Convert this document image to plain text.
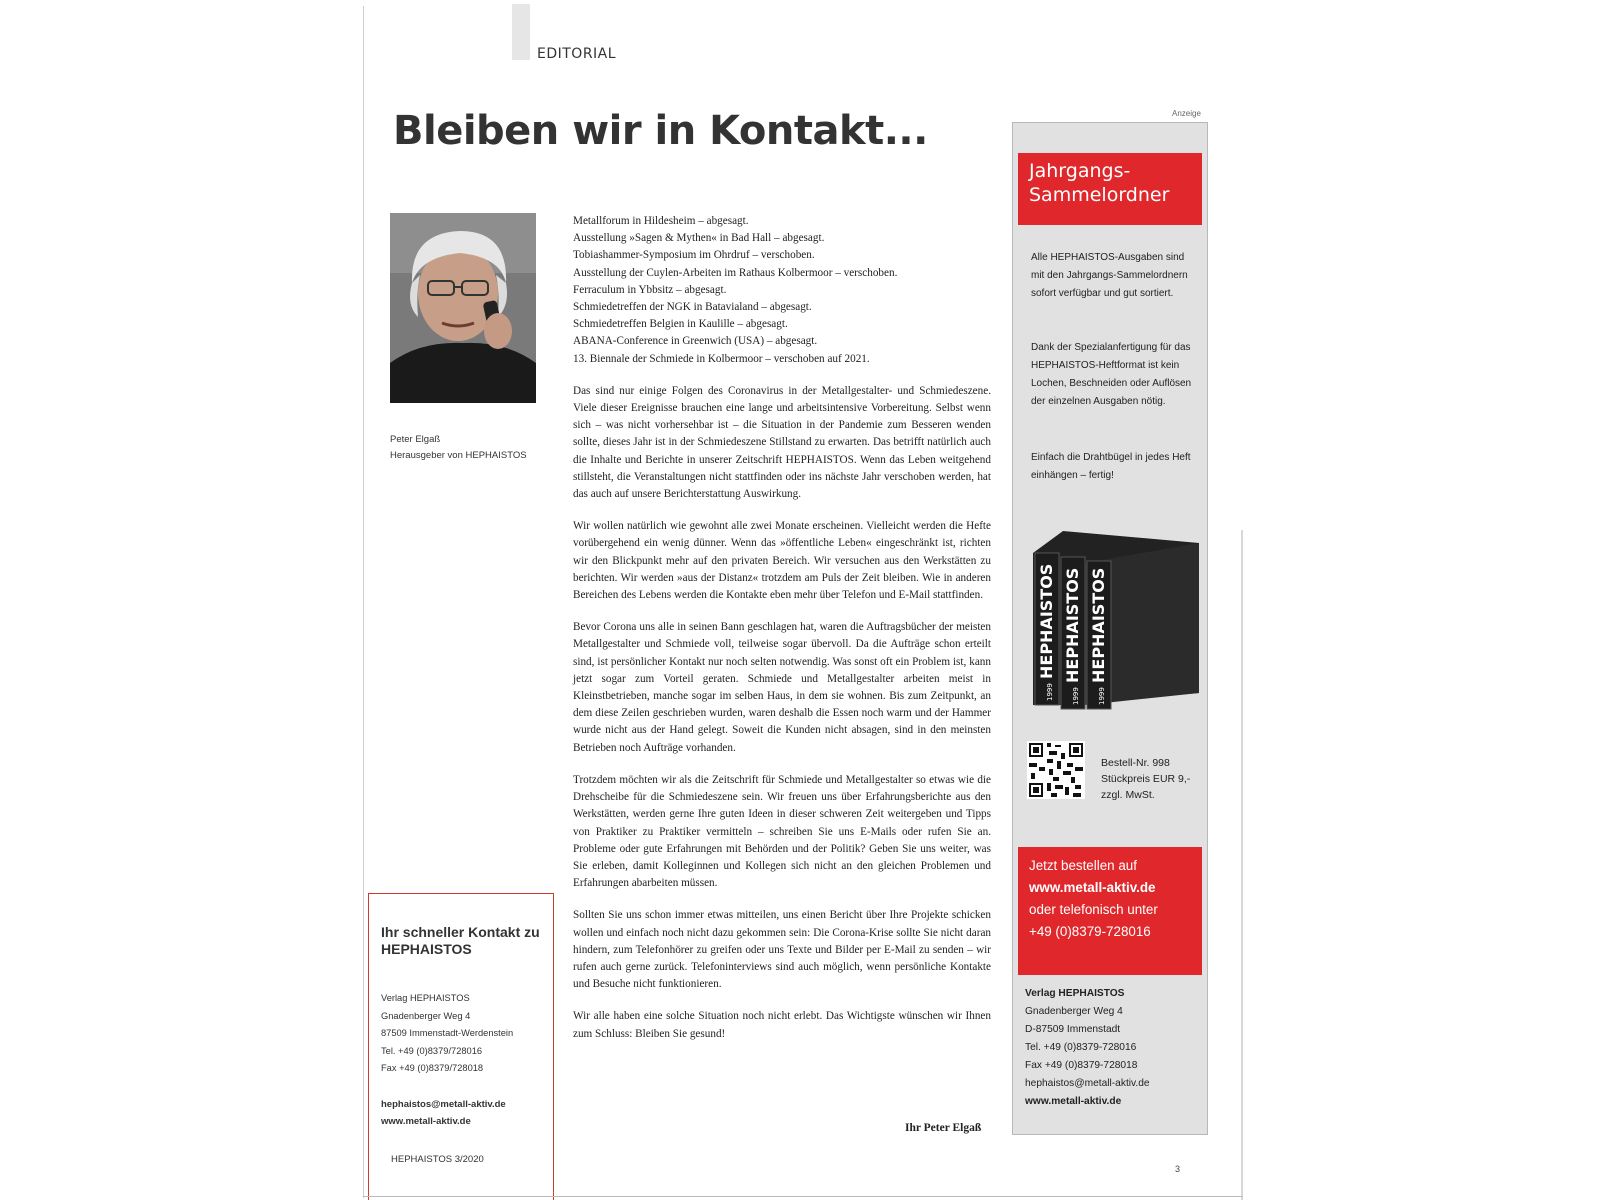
EDITORIAL
Bleiben wir in Kontakt...
Peter Elgaß
Herausgeber von HEPHAISTOS
Metallforum in Hildesheim – abgesagt.
Ausstellung »Sagen & Mythen« in Bad Hall – abgesagt.
Tobiashammer-Symposium im Ohrdruf – verschoben.
Ausstellung der Cuylen-Arbeiten im Rathaus Kolbermoor – verschoben.
Ferraculum in Ybbsitz – abgesagt.
Schmiedetreffen der NGK in Batavialand – abgesagt.
Schmiedetreffen Belgien in Kaulille – abgesagt.
ABANA-Conference in Greenwich (USA) – abgesagt.
13. Biennale der Schmiede in Kolbermoor – verschoben auf 2021.

Das sind nur einige Folgen des Coronavirus in der Metallgestalter- und Schmiedeszene. Viele dieser Ereignisse brauchen eine lange und arbeitsintensive Vorbereitung. Selbst wenn sich – was nicht vorhersehbar ist – die Situation in der Pandemie zum Besseren wenden sollte, dieses Jahr ist in der Schmiedeszene Stillstand zu erwarten. Das betrifft natürlich auch die Inhalte und Berichte in unserer Zeitschrift HEPHAISTOS. Wenn das Leben weitgehend stillsteht, die Veranstaltungen nicht stattfinden oder ins nächste Jahr verschoben werden, hat das auch auf unsere Berichterstattung Auswirkung.

Wir wollen natürlich wie gewohnt alle zwei Monate erscheinen. Vielleicht werden die Hefte vorübergehend ein wenig dünner. Wenn das »öffentliche Leben« eingeschränkt ist, richten wir den Blickpunkt mehr auf den privaten Bereich. Wir versuchen aus den Werkstätten zu berichten. Wir werden »aus der Distanz« trotzdem am Puls der Zeit bleiben. Wie in anderen Bereichen des Lebens werden die Kontakte eben mehr über Telefon und E-Mail stattfinden.

Bevor Corona uns alle in seinen Bann geschlagen hat, waren die Auftragsbücher der meisten Metallgestalter und Schmiede voll, teilweise sogar übervoll. Da die Aufträge schon erteilt sind, ist persönlicher Kontakt nur noch selten notwendig. Was sonst oft ein Problem ist, kann jetzt sogar zum Vorteil geraten. Schmiede und Metallgestalter arbeiten meist in Kleinstbetrieben, manche sogar im selben Haus, in dem sie wohnen. Bis zum Zeitpunkt, an dem diese Zeilen geschrieben wurden, waren deshalb die Essen noch warm und der Hammer wurde nicht aus der Hand gelegt. Soweit die Kunden nicht absagen, sind in den meinsten Betrieben noch Aufträge vorhanden.

Trotzdem möchten wir als die Zeitschrift für Schmiede und Metallgestalter so etwas wie die Drehscheibe für die Schmiedeszene sein. Wir freuen uns über Erfahrungsberichte aus den Werkstätten, werden gerne Ihre guten Ideen in dieser schweren Zeit weitergeben und Tipps von Praktiker zu Praktiker vermitteln – schreiben Sie uns E-Mails oder rufen Sie an. Probleme oder gute Erfahrungen mit Behörden und der Politik? Geben Sie uns weiter, was Sie erleben, damit Kolleginnen und Kollegen sich nicht an den gleichen Problemen und Erfahrungen abarbeiten müssen.

Sollten Sie uns schon immer etwas mitteilen, uns einen Bericht über Ihre Projekte schicken wollen und einfach noch nicht dazu gekommen sein: Die Corona-Krise sollte Sie nicht daran hindern, zum Telefonhörer zu greifen oder uns Texte und Bilder per E-Mail zu senden – wir rufen auch gerne zurück. Telefoninterviews sind auch möglich, wenn persönliche Kontakte und Besuche nicht funktionieren.

Wir alle haben eine solche Situation noch nicht erlebt. Das Wichtigste wünschen wir Ihnen zum Schluss: Bleiben Sie gesund!

Ihr Peter Elgaß
Ihr schneller Kontakt zu HEPHAISTOS
Verlag HEPHAISTOS
Gnadenberger Weg 4
87509 Immenstadt-Werdenstein
Tel. +49 (0)8379/728016
Fax +49 (0)8379/728018
hephaistos@metall-aktiv.de
www.metall-aktiv.de
HEPHAISTOS 3/2020
Anzeige
Jahrgangs-
Sammelordner
Alle HEPHAISTOS-Ausgaben sind mit den Jahrgangs-Sammelordnern sofort verfügbar und gut sortiert.
Dank der Spezialanfertigung für das HEPHAISTOS-Heftformat ist kein Lochen, Beschneiden oder Auflösen der einzelnen Ausgaben nötig.
Einfach die Drahtbügel in jedes Heft einhängen – fertig!
HEPHAISTOS
1999
HEPHAISTOS
1999
HEPHAISTOS
1999
Bestell-Nr. 998
Stückpreis EUR 9,-
zzgl. MwSt.
Jetzt bestellen auf
www.metall-aktiv.de
oder telefonisch unter
+49 (0)8379-728016
Verlag HEPHAISTOS
Gnadenberger Weg 4
D-87509 Immenstadt
Tel. +49 (0)8379-728016
Fax +49 (0)8379-728018
hephaistos@metall-aktiv.de
www.metall-aktiv.de
3
